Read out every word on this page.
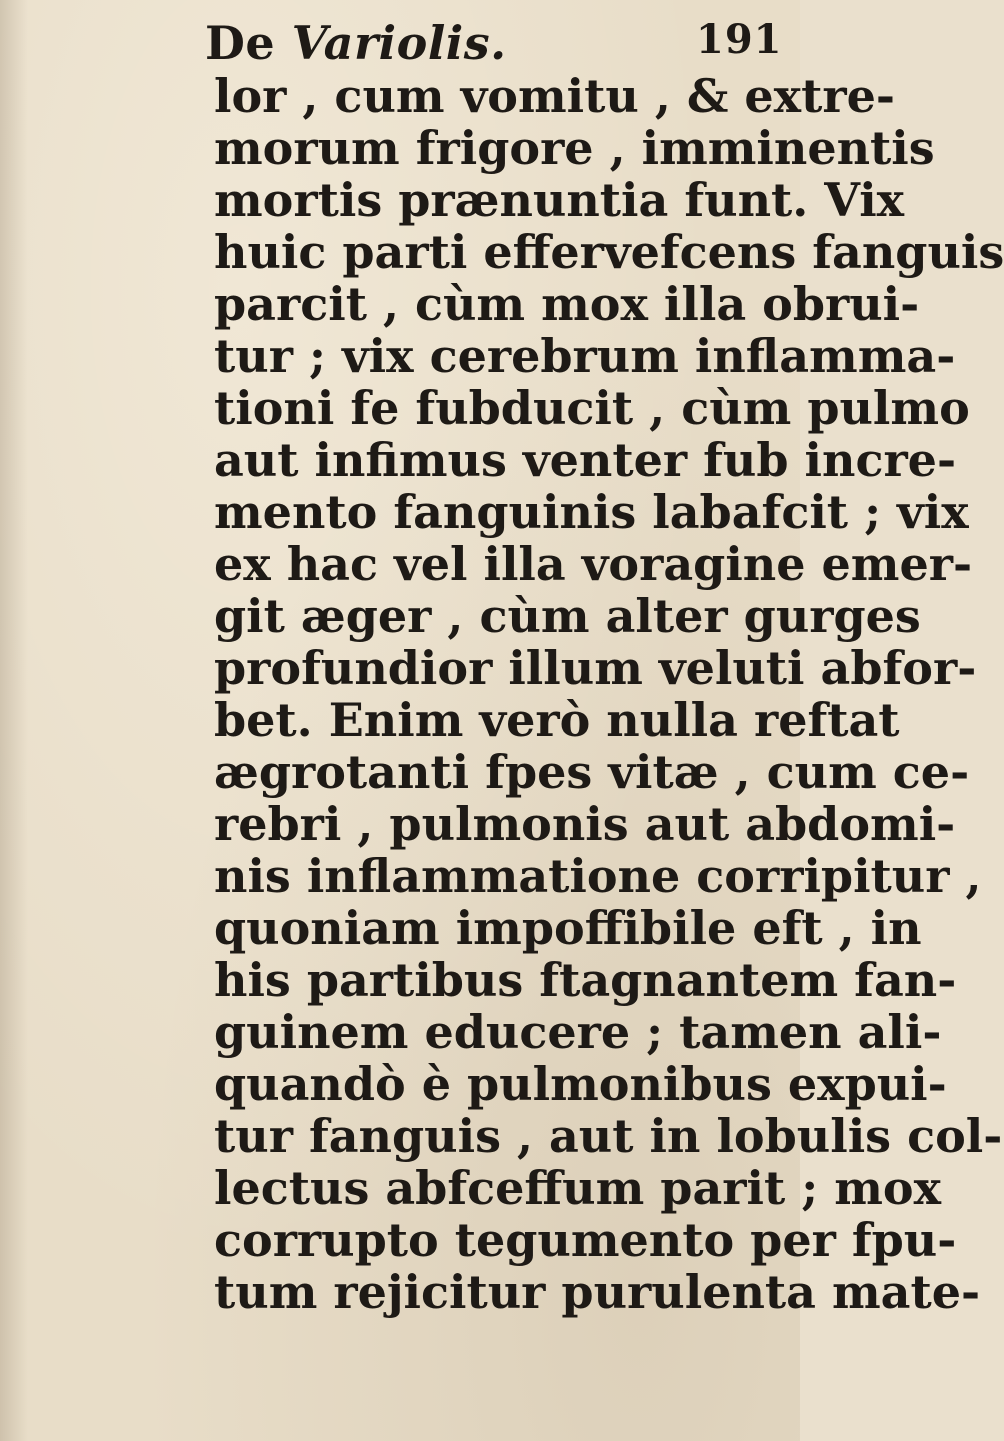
De Variolis.	191
lor , cum vomitu , & extre-
morum frigore , imminentis
mortis prænuntia funt. Vix
huic parti effervefcens fanguis
parcit , cùm mox illa obrui-
tur ; vix cerebrum inflamma-
tioni fe fubducit , cùm pulmo
aut infimus venter fub incre-
mento fanguinis labafcit ; vix
ex hac vel illa voragine emer-
git æger , cùm alter gurges
profundior illum veluti abfor-
bet. Enim verò nulla reftat
ægrotanti fpes vitæ , cum ce-
rebri , pulmonis aut abdomi-
nis inflammatione corripitur ,
quoniam impoffibile eft , in
his partibus ftagnantem fan-
guinem educere ; tamen ali-
quandò è pulmonibus expui-
tur fanguis , aut in lobulis col-
lectus abfceffum parit ; mox
corrupto tegumento per fpu-
tum rejicitur purulenta mate-
